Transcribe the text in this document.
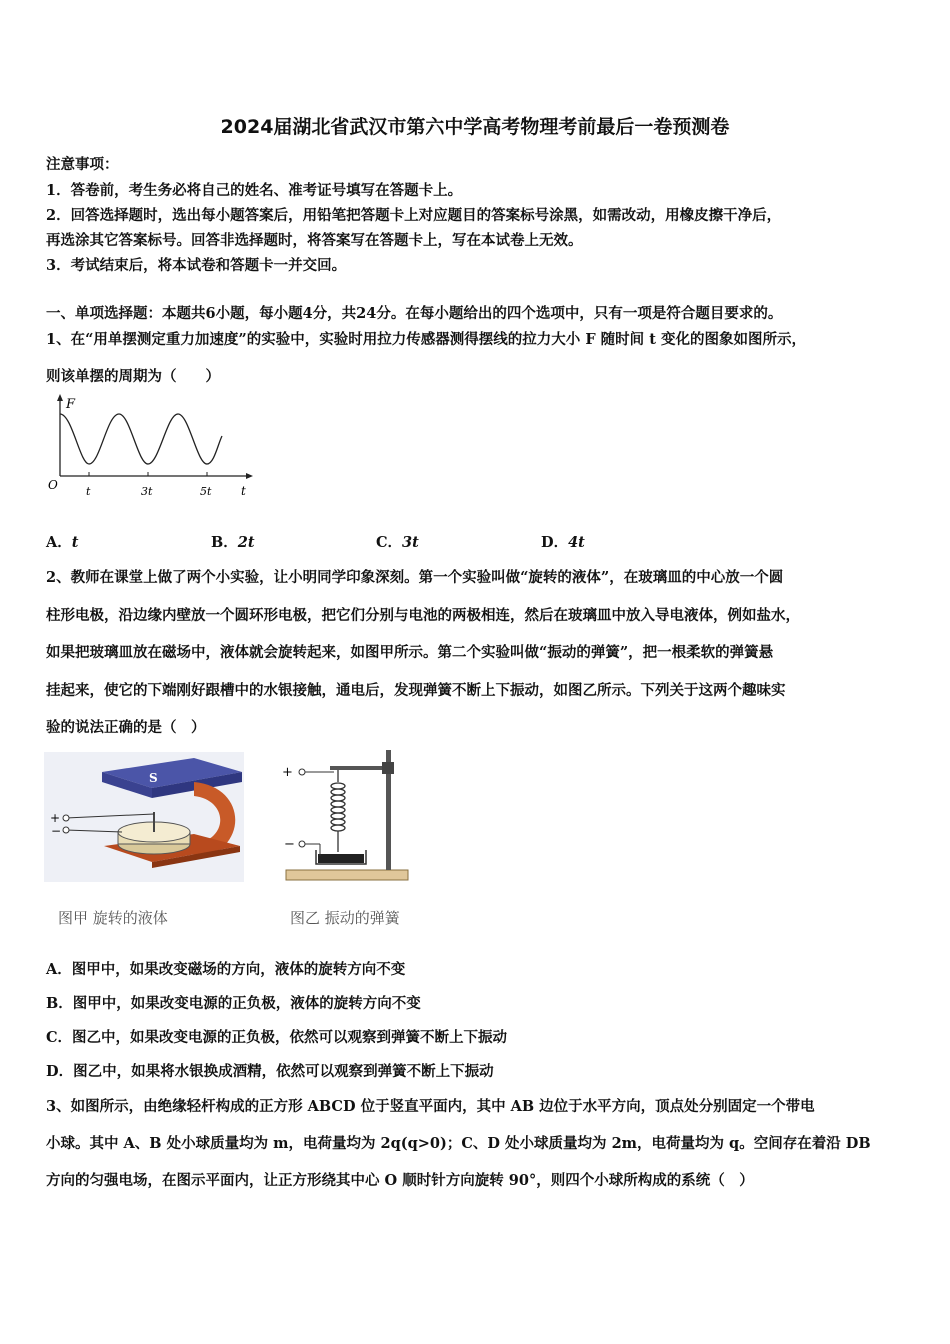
2024届湖北省武汉市第六中学高考物理考前最后一卷预测卷
注意事项：
1．答卷前，考生务必将自己的姓名、准考证号填写在答题卡上。
2．回答选择题时，选出每小题答案后，用铅笔把答题卡上对应题目的答案标号涂黑，如需改动，用橡皮擦干净后，
再选涂其它答案标号。回答非选择题时，将答案写在答题卡上，写在本试卷上无效。
3．考试结束后，将本试卷和答题卡一并交回。
一、单项选择题：本题共6小题，每小题4分，共24分。在每小题给出的四个选项中，只有一项是符合题目要求的。
1、在“用单摆测定重力加速度”的实验中，实验时用拉力传感器测得摆线的拉力大小 F 随时间 t 变化的图象如图所示，
则该单摆的周期为（　　）
F
O	t	3t	5t t
A．t	B．2t	C．3t	D．4t
2、教师在课堂上做了两个小实验，让小明同学印象深刻。第一个实验叫做“旋转的液体”，在玻璃皿的中心放一个圆
柱形电极，沿边缘内壁放一个圆环形电极，把它们分别与电池的两极相连，然后在玻璃皿中放入导电液体，例如盐水，
如果把玻璃皿放在磁场中，液体就会旋转起来，如图甲所示。第二个实验叫做“振动的弹簧”，把一根柔软的弹簧悬
挂起来，使它的下端刚好跟槽中的水银接触，通电后，发现弹簧不断上下振动，如图乙所示。下列关于这两个趣味实
验的说法正确的是（　）
S
+
−
图甲 旋转的液体
+
−
图乙 振动的弹簧
A．图甲中，如果改变磁场的方向，液体的旋转方向不变
B．图甲中，如果改变电源的正负极，液体的旋转方向不变
C．图乙中，如果改变电源的正负极，依然可以观察到弹簧不断上下振动
D．图乙中，如果将水银换成酒精，依然可以观察到弹簧不断上下振动
3、如图所示，由绝缘轻杆构成的正方形 ABCD 位于竖直平面内，其中 AB 边位于水平方向，顶点处分别固定一个带电
小球。其中 A、B 处小球质量均为 m，电荷量均为 2q(q>0)；C、D 处小球质量均为 2m，电荷量均为 q。空间存在着沿 DB
方向的匀强电场，在图示平面内，让正方形绕其中心 O 顺时针方向旋转 90°，则四个小球所构成的系统（　）
